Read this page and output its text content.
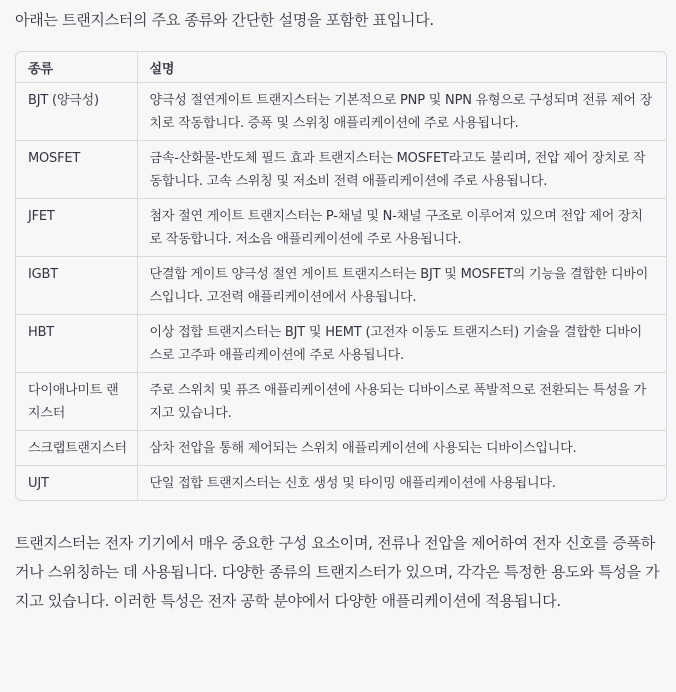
아래는 트랜지스터의 주요 종류와 간단한 설명을 포함한 표입니다.

종류	설명
BJT (양극성)	양극성 절연게이트 트랜지스터는 기본적으로 PNP 및 NPN 유형으로 구성되며 전류 제어 장치로 작동합니다. 증폭 및 스위칭 애플리케이션에 주로 사용됩니다.
MOSFET	금속-산화물-반도체 필드 효과 트랜지스터는 MOSFET라고도 불리며, 전압 제어 장치로 작동합니다. 고속 스위칭 및 저소비 전력 애플리케이션에 주로 사용됩니다.
JFET	첨자 절연 게이트 트랜지스터는 P-채널 및 N-채널 구조로 이루어져 있으며 전압 제어 장치로 작동합니다. 저소음 애플리케이션에 주로 사용됩니다.
IGBT	단결합 게이트 양극성 절연 게이트 트랜지스터는 BJT 및 MOSFET의 기능을 결합한 디바이스입니다. 고전력 애플리케이션에서 사용됩니다.
HBT	이상 접합 트랜지스터는 BJT 및 HEMT (고전자 이동도 트랜지스터) 기술을 결합한 디바이스로 고주파 애플리케이션에 주로 사용됩니다.
다이애나미트 랜지스터	주로 스위치 및 퓨즈 애플리케이션에 사용되는 디바이스로 폭발적으로 전환되는 특성을 가지고 있습니다.
스크랩트랜지스터	삼차 전압을 통해 제어되는 스위치 애플리케이션에 사용되는 디바이스입니다.
UJT	단일 접합 트랜지스터는 신호 생성 및 타이밍 애플리케이션에 사용됩니다.

트랜지스터는 전자 기기에서 매우 중요한 구성 요소이며, 전류나 전압을 제어하여 전자 신호를 증폭하거나 스위칭하는 데 사용됩니다. 다양한 종류의 트랜지스터가 있으며, 각각은 특정한 용도와 특성을 가지고 있습니다. 이러한 특성은 전자 공학 분야에서 다양한 애플리케이션에 적용됩니다.
